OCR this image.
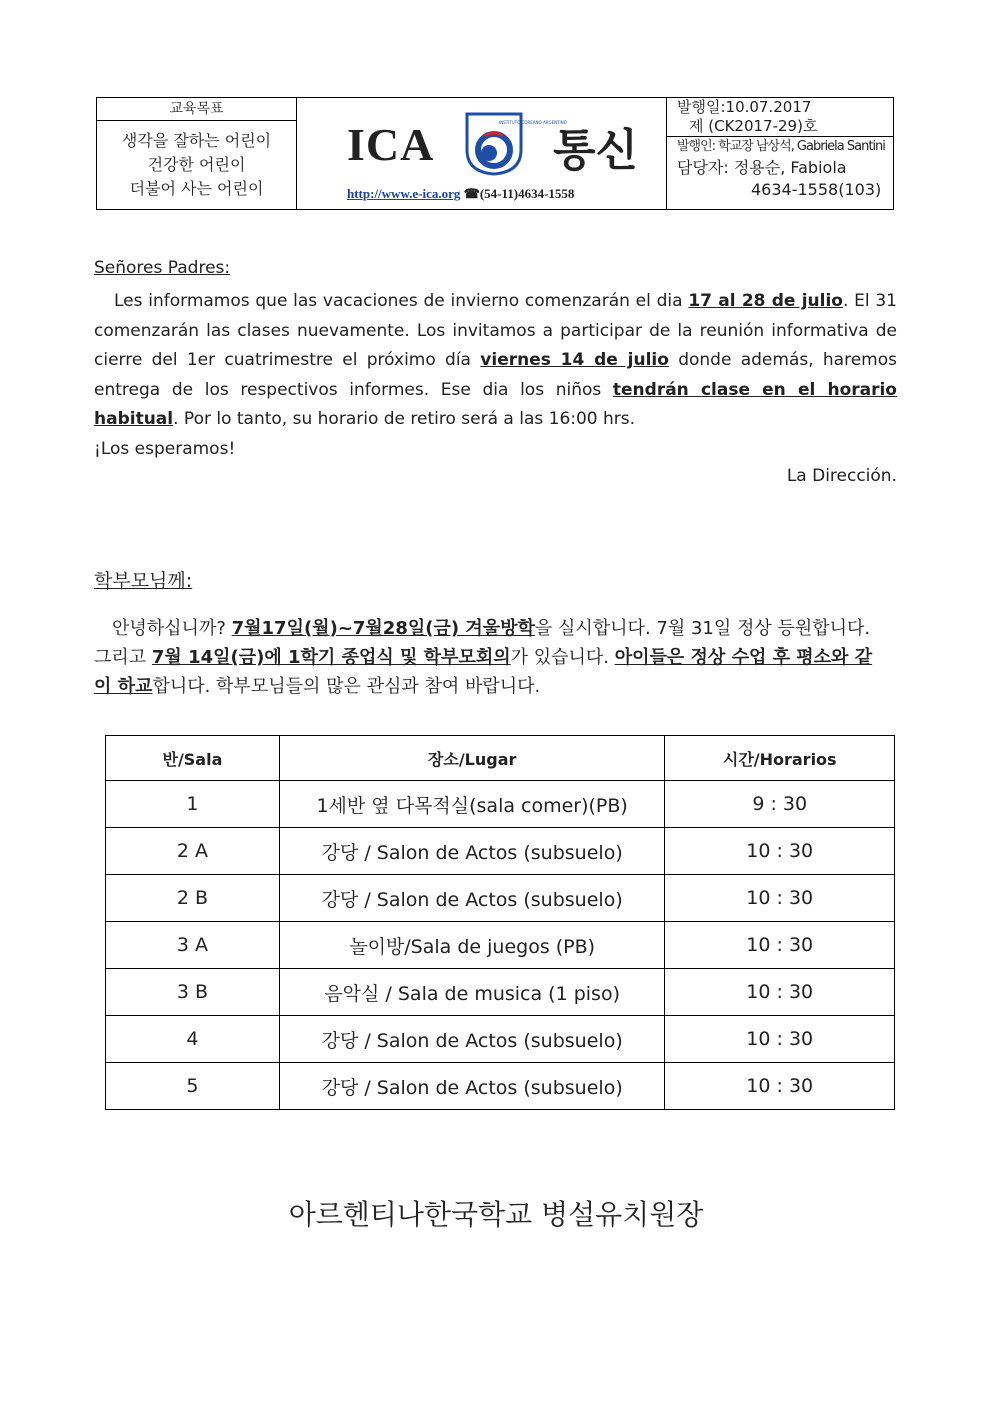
교육목표
생각을 잘하는 어린이
건강한 어린이
더불어 사는 어린이
ICA	INSTITUTO COREANO ARGENTINO
통신
http://www.e-ica.org ☎(54-11)4634-1558
발행일:10.07.2017
제 (CK2017-29)호
발행인: 학교장 남상석, Gabriela Santini
담당자: 정용순, Fabiola
4634-1558(103)
Señores Padres:
Les informamos que las vacaciones de invierno comenzarán el dia 17 al 28 de julio. El 31 comenzarán las clases nuevamente. Los invitamos a participar de la reunión informativa de cierre del 1er cuatrimestre el próximo día viernes 14 de julio donde además, haremos entrega de los respectivos informes. Ese dia los niños tendrán clase en el horario habitual. Por lo tanto, su horario de retiro será a las 16:00 hrs.
¡Los esperamos!
La Dirección.
학부모님께:
안녕하십니까? 7월17일(월)~7월28일(금) 겨울방학을 실시합니다. 7월 31일 정상 등원합니다. 그리고 7월 14일(금)에 1학기 종업식 및 학부모회의가 있습니다. 아이들은 정상 수업 후 평소와 같이 하교합니다. 학부모님들의 많은 관심과 참여 바랍니다.
반/Sala	장소/Lugar	시간/Horarios
1	1세반 옆 다목적실(sala comer)(PB)	9 : 30
2 A	강당 / Salon de Actos (subsuelo)	10 : 30
2 B	강당 / Salon de Actos (subsuelo)	10 : 30
3 A	놀이방/Sala de juegos (PB)	10 : 30
3 B	음악실 / Sala de musica (1 piso)	10 : 30
4	강당 / Salon de Actos (subsuelo)	10 : 30
5	강당 / Salon de Actos (subsuelo)	10 : 30
아르헨티나한국학교 병설유치원장
